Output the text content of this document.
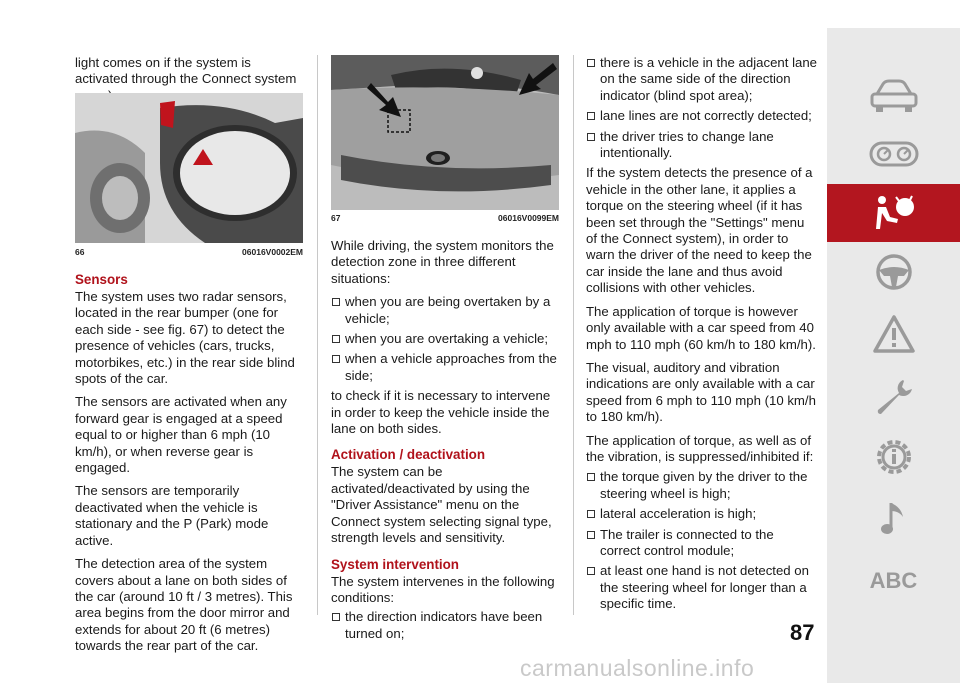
light comes on if the system is activated through the Connect system

66	06016V0002EM
Sensors

The system uses two radar sensors, located in the rear bumper (one for each side - see fig. 67) to detect the presence of vehicles (cars, trucks, motorbikes, etc.) in the rear side blind spots of the car.

The sensors are activated when any forward gear is engaged at a speed equal to or higher than 6 mph (10 km/h), or when reverse gear is engaged.

The sensors are temporarily deactivated when the vehicle is stationary and the P (Park) mode active.

The detection area of the system covers about a lane on both sides of the car (around 10 ft / 3 metres). This area begins from the door mirror and extends for about 20 ft (6 metres) towards the rear part of the car.

67	06016V0099EM

While driving, the system monitors the detection zone in three different situations:

when you are being overtaken by a vehicle;
when you are overtaking a vehicle;
when a vehicle approaches from the side;

to check if it is necessary to intervene in order to keep the vehicle inside the lane on both sides.

Activation / deactivation

The system can be activated/deactivated by using the "Driver Assistance" menu on the Connect system selecting signal type, strength levels and sensitivity.

System intervention

The system intervenes in the following conditions:

the direction indicators have been turned on;
there is a vehicle in the adjacent lane on the same side of the direction indicator (blind spot area);
lane lines are not correctly detected;
the driver tries to change lane intentionally.

If the system detects the presence of a vehicle in the other lane, it applies a torque on the steering wheel (if it has been set through the "Settings" menu of the Connect system), in order to warn the driver of the need to keep the car inside the lane and thus avoid collisions with other vehicles.

The application of torque is however only available with a car speed from 40 mph to 110 mph (60 km/h to 180 km/h).

The visual, auditory and vibration indications are only available with a car speed from 6 mph to 110 mph (10 km/h to 180 km/h).

The application of torque, as well as of the vibration, is suppressed/inhibited if:

the torque given by the driver to the steering wheel is high;
lateral acceleration is high;
The trailer is connected to the correct control module;
at least one hand is not detected on the steering wheel for longer than a specific time.
ABC
87
carmanualsonline.info
